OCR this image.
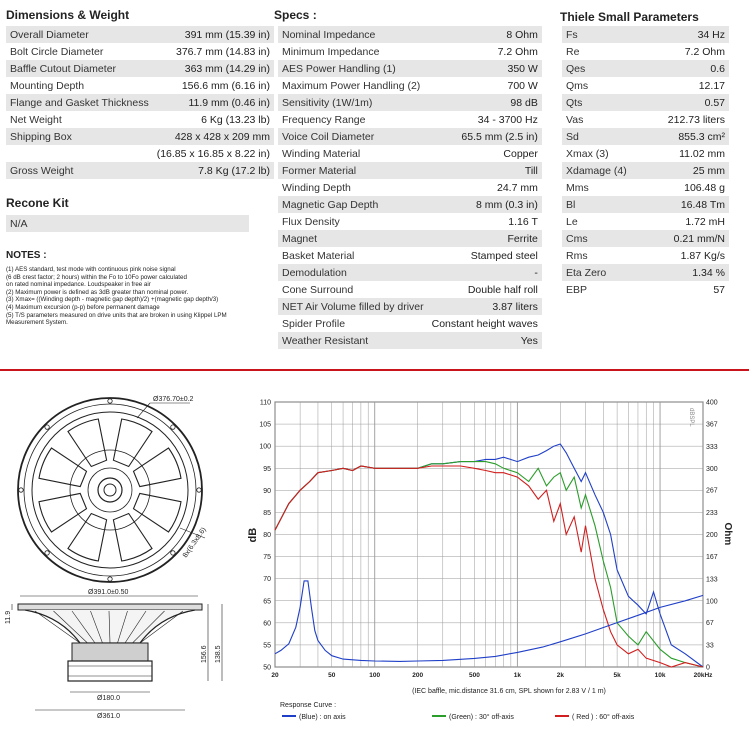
Dimensions & Weight
Overall Diameter	391 mm (15.39 in)
Bolt Circle Diameter	376.7 mm (14.83 in)
Baffle Cutout Diameter	363 mm (14.29 in)
Mounting Depth	156.6 mm (6.16 in)
Flange and Gasket Thickness	11.9 mm (0.46 in)
Net Weight	6 Kg (13.23 lb)
Shipping Box	428 x 428 x 209 mm
	(16.85 x 16.85 x 8.22 in)
Gross Weight	7.8 Kg (17.2 lb)
Recone Kit
N/A
NOTES :
(1) AES standard, test mode with continuous pink noise signal
(6 dB crest factor; 2 hours) within the Fo to 10Fo power calculated
on rated nominal impedance. Loudspeaker in free air
(2) Maximum power is defined as 3dB greater than nominal power.
(3) Xmax= ((Winding depth - magnetic gap depth)/2) +(magnetic gap depth/3)
(4) Maximum excursion (p-p) before permanent damage
(5) T/S parameters measured on drive units that are broken in using Klippel LPM
Measurement System.
Specs :
Nominal Impedance	8 Ohm
Minimum Impedance	7.2 Ohm
AES Power Handling (1)	350 W
Maximum Power Handling (2)	700 W
Sensitivity (1W/1m)	98 dB
Frequency Range	34 - 3700 Hz
Voice Coil Diameter	65.5 mm (2.5 in)
Winding Material	Copper
Former Material	Till
Winding Depth	24.7 mm
Magnetic Gap Depth	8 mm (0.3 in)
Flux Density	1.16 T
Magnet	Ferrite
Basket Material	Stamped steel
Demodulation	-
Cone Surround	Double half roll
NET Air Volume filled by driver	3.87 liters
Spider Profile	Constant height waves
Weather Resistant	Yes
Thiele Small Parameters
Fs	34 Hz
Re	7.2 Ohm
Qes	0.6
Qms	12.17
Qts	0.57
Vas	212.73 liters
Sd	855.3 cm²
Xmax (3)	11.02 mm
Xdamage (4)	25 mm
Mms	106.48 g
Bl	16.48 Tm
Le	1.72 mH
Cms	0.21 mm/N
Rms	1.87 Kg/s
Eta Zero	1.34 %
EBP	57
Ø376.70±0.2
8x(6.3x8.6)
Ø391.0±0.50
11.9
156.6 138.5
Ø180.0
Ø361.0
50
55
60
65
70
75
80
85
90
95
100
105
110
0
33
67
100
133
167
200
233
267
300
333
367
400
20	50	100	200	500	1k	2k	5k	10k	20kHz
dB	Ohm
dBSPL
(IEC baffle, mic.distance 31.6 cm, SPL shown for 2.83 V / 1 m)
Response Curve :
(Blue) : on axis	(Green) : 30° off-axis	( Red ) : 60° off-axis
